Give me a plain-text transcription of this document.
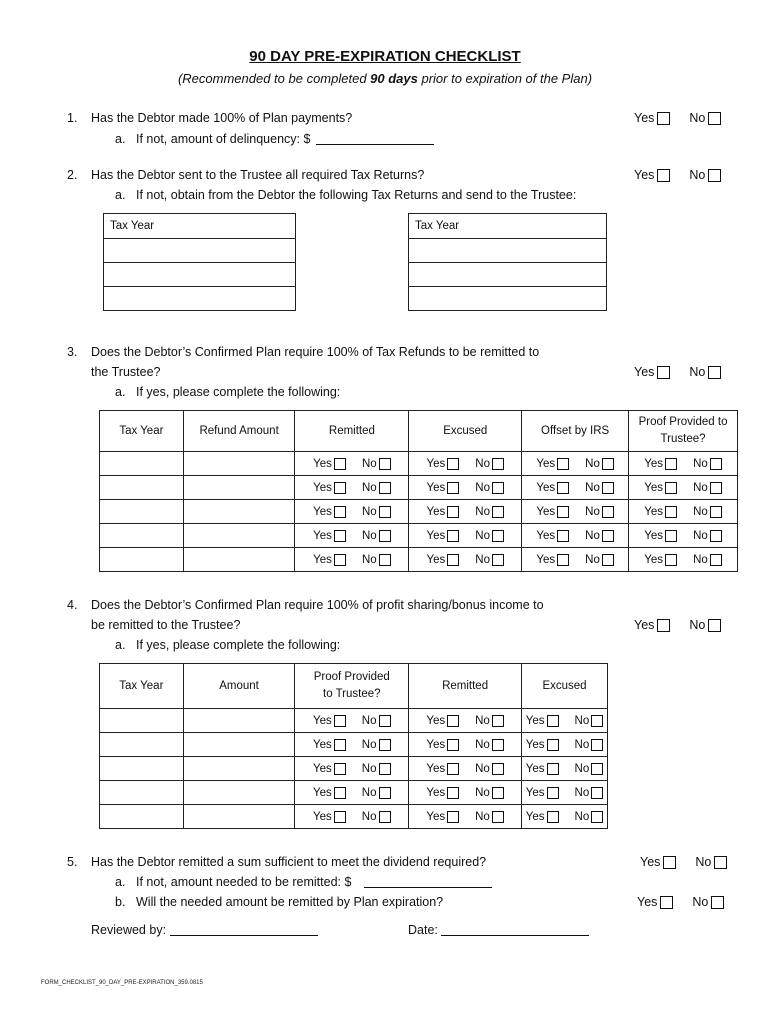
90 DAY PRE-EXPIRATION CHECKLIST
(Recommended to be completed 90 days prior to expiration of the Plan)
1. Has the Debtor made 100% of Plan payments?	Yes	No
a. If not, amount of delinquency: $
2. Has the Debtor sent to the Trustee all required Tax Returns?	Yes	No
a. If not, obtain from the Debtor the following Tax Returns and send to the Trustee:
Tax Year	Tax Year

3. Does the Debtor’s Confirmed Plan require 100% of Tax Refunds to be remitted to
the Trustee?	Yes	No
a. If yes, please complete the following:
Tax Year	Refund Amount	Remitted	Excused	Offset by IRS	Proof Provided to Trustee?

		Yes No	Yes No	Yes No	Yes No

		Yes No	Yes No	Yes No	Yes No

		Yes No	Yes No	Yes No	Yes No

		Yes No	Yes No	Yes No	Yes No

		Yes No	Yes No	Yes No	Yes No
4. Does the Debtor’s Confirmed Plan require 100% of profit sharing/bonus income to
be remitted to the Trustee?	Yes	No
a. If yes, please complete the following:
Tax Year	Amount	Proof Provided to Trustee?	Remitted	Excused

		Yes No	Yes No	Yes No

		Yes No	Yes No	Yes No

		Yes No	Yes No	Yes No

		Yes No	Yes No	Yes No

		Yes No	Yes No	Yes No
5. Has the Debtor remitted a sum sufficient to meet the dividend required?	Yes	No
a. If not, amount needed to be remitted: $
b. Will the needed amount be remitted by Plan expiration?	Yes	No
Reviewed by:	Date:
FORM_CHECKLIST_90_DAY_PRE-EXPIRATION_359.0815
